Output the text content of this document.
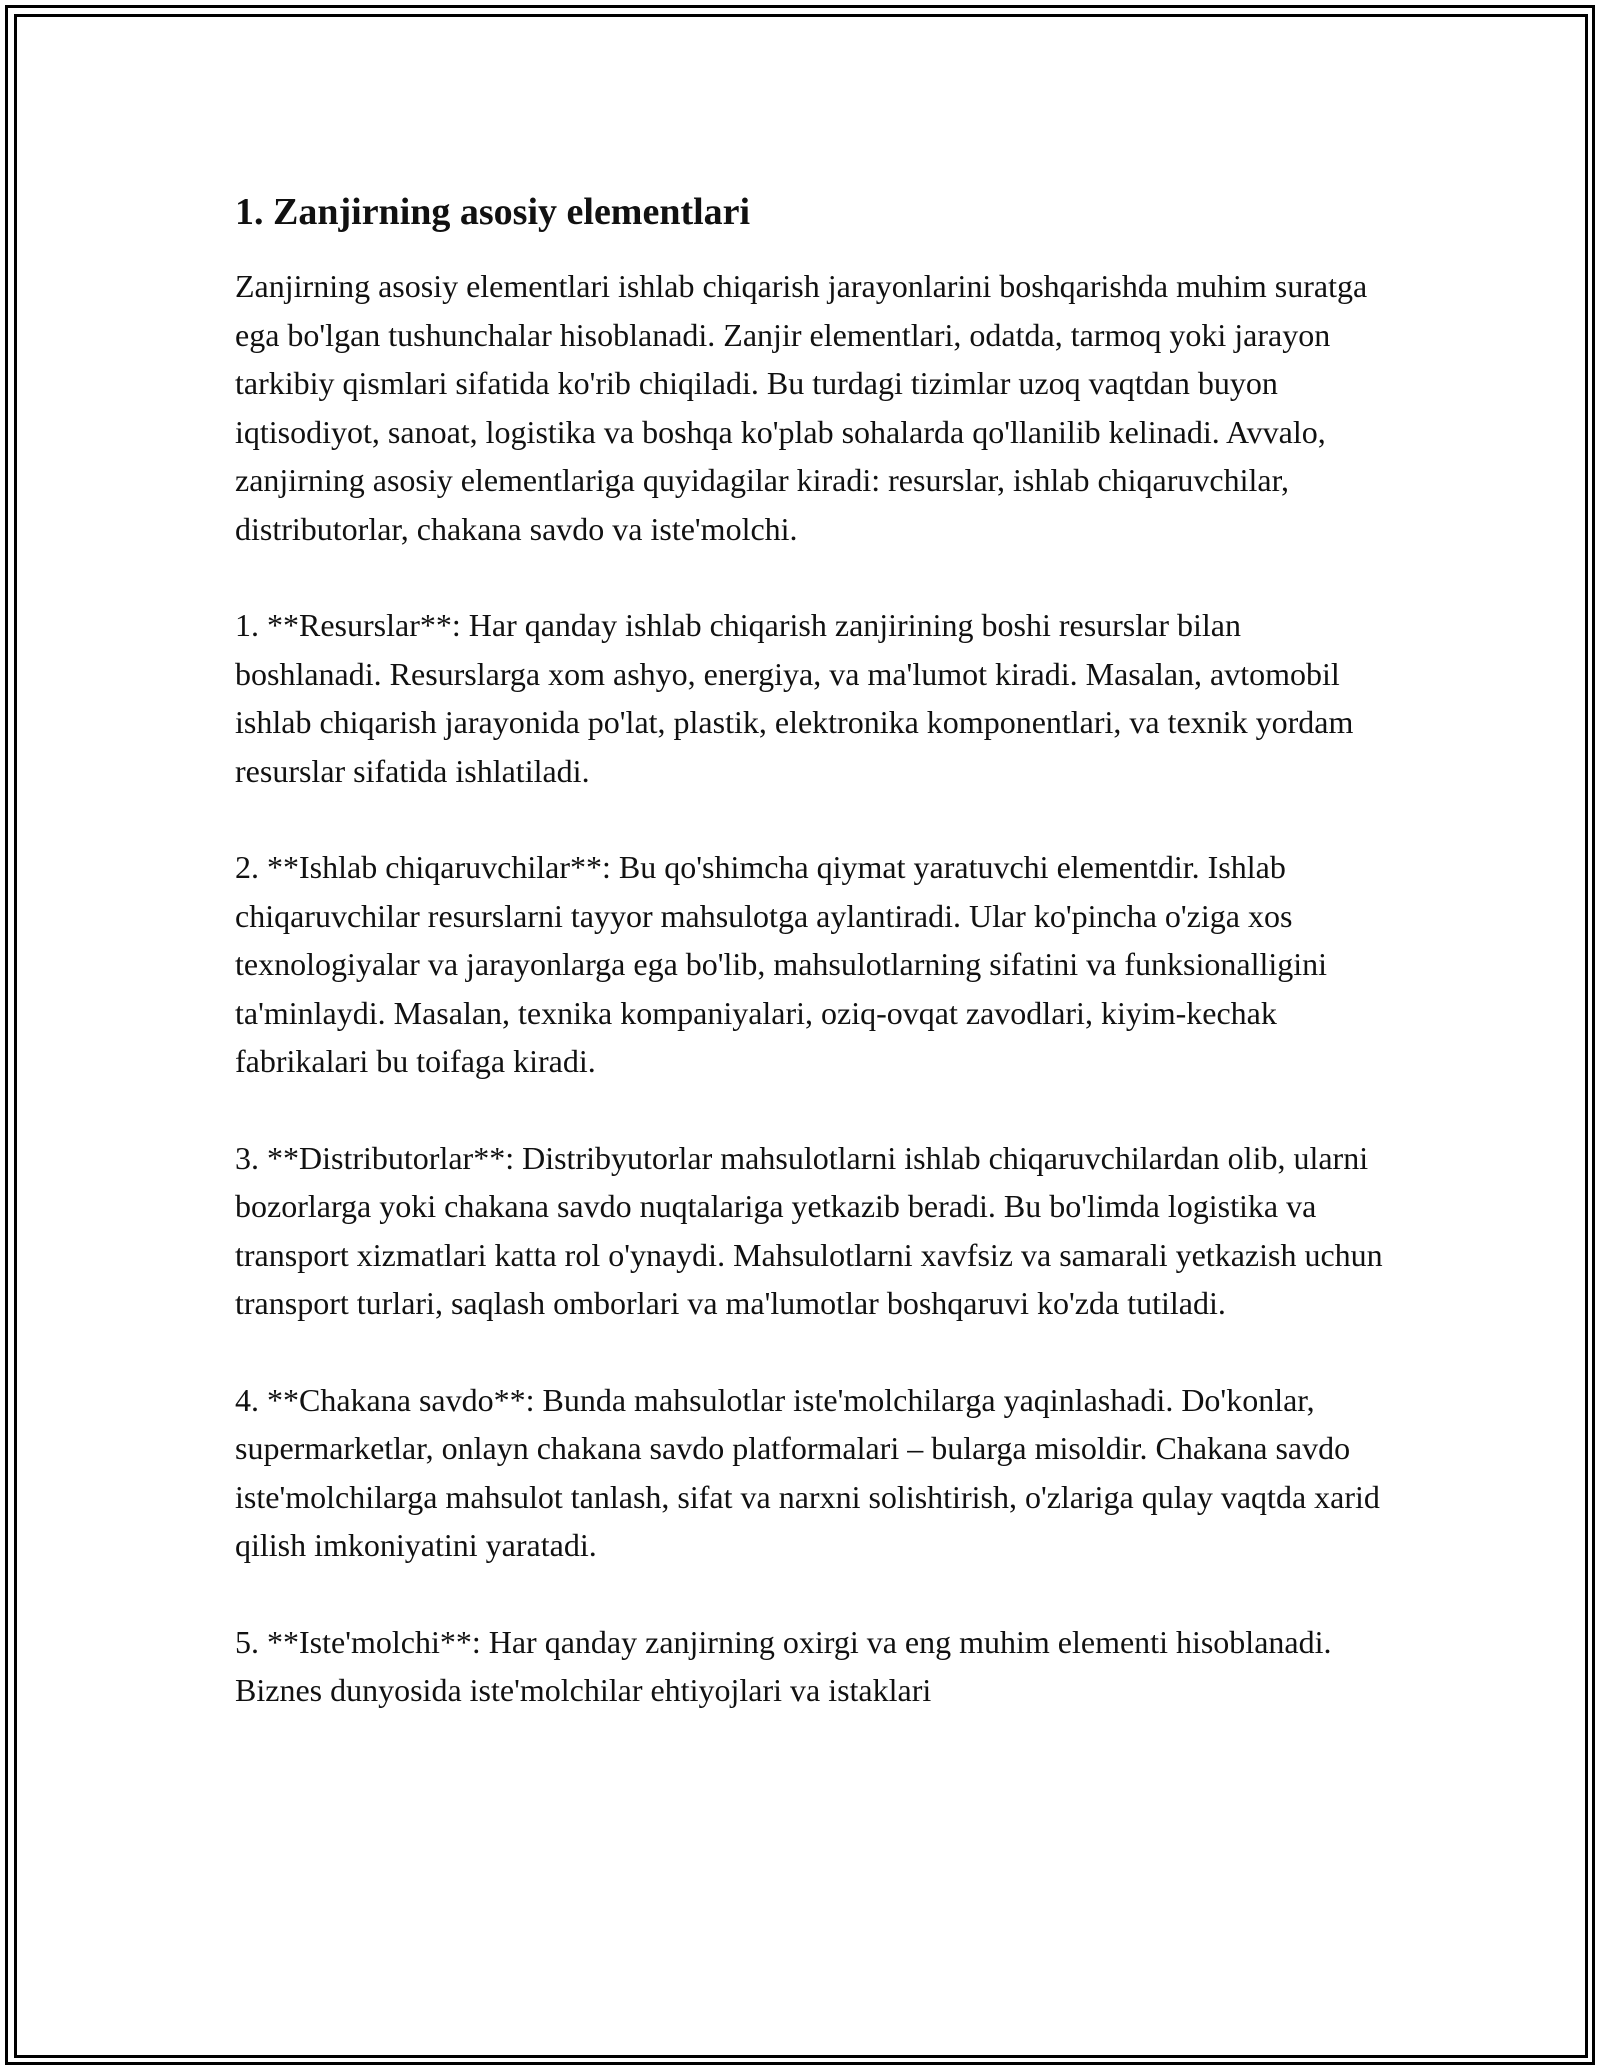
1. Zanjirning asosiy elementlari

Zanjirning asosiy elementlari ishlab chiqarish jarayonlarini boshqarishda muhim suratga ega bo'lgan tushunchalar hisoblanadi. Zanjir elementlari, odatda, tarmoq yoki jarayon tarkibiy qismlari sifatida ko'rib chiqiladi. Bu turdagi tizimlar uzoq vaqtdan buyon iqtisodiyot, sanoat, logistika va boshqa ko'plab sohalarda qo'llanilib kelinadi. Avvalo, zanjirning asosiy elementlariga quyidagilar kiradi: resurslar, ishlab chiqaruvchilar, distributorlar, chakana savdo va iste'molchi.

1. **Resurslar**: Har qanday ishlab chiqarish zanjirining boshi resurslar bilan boshlanadi. Resurslarga xom ashyo, energiya, va ma'lumot kiradi. Masalan, avtomobil ishlab chiqarish jarayonida po'lat, plastik, elektronika komponentlari, va texnik yordam resurslar sifatida ishlatiladi.

2. **Ishlab chiqaruvchilar**: Bu qo'shimcha qiymat yaratuvchi elementdir. Ishlab chiqaruvchilar resurslarni tayyor mahsulotga aylantiradi. Ular ko'pincha o'ziga xos texnologiyalar va jarayonlarga ega bo'lib, mahsulotlarning sifatini va funksionalligini ta'minlaydi. Masalan, texnika kompaniyalari, oziq-ovqat zavodlari, kiyim-kechak fabrikalari bu toifaga kiradi.

3. **Distributorlar**: Distribyutorlar mahsulotlarni ishlab chiqaruvchilardan olib, ularni bozorlarga yoki chakana savdo nuqtalariga yetkazib beradi. Bu bo'limda logistika va transport xizmatlari katta rol o'ynaydi. Mahsulotlarni xavfsiz va samarali yetkazish uchun transport turlari, saqlash omborlari va ma'lumotlar boshqaruvi ko'zda tutiladi.

4. **Chakana savdo**: Bunda mahsulotlar iste'molchilarga yaqinlashadi. Do'konlar, supermarketlar, onlayn chakana savdo platformalari – bularga misoldir. Chakana savdo iste'molchilarga mahsulot tanlash, sifat va narxni solishtirish, o'zlariga qulay vaqtda xarid qilish imkoniyatini yaratadi.

5. **Iste'molchi**: Har qanday zanjirning oxirgi va eng muhim elementi hisoblanadi. Biznes dunyosida iste'molchilar ehtiyojlari va istaklari
